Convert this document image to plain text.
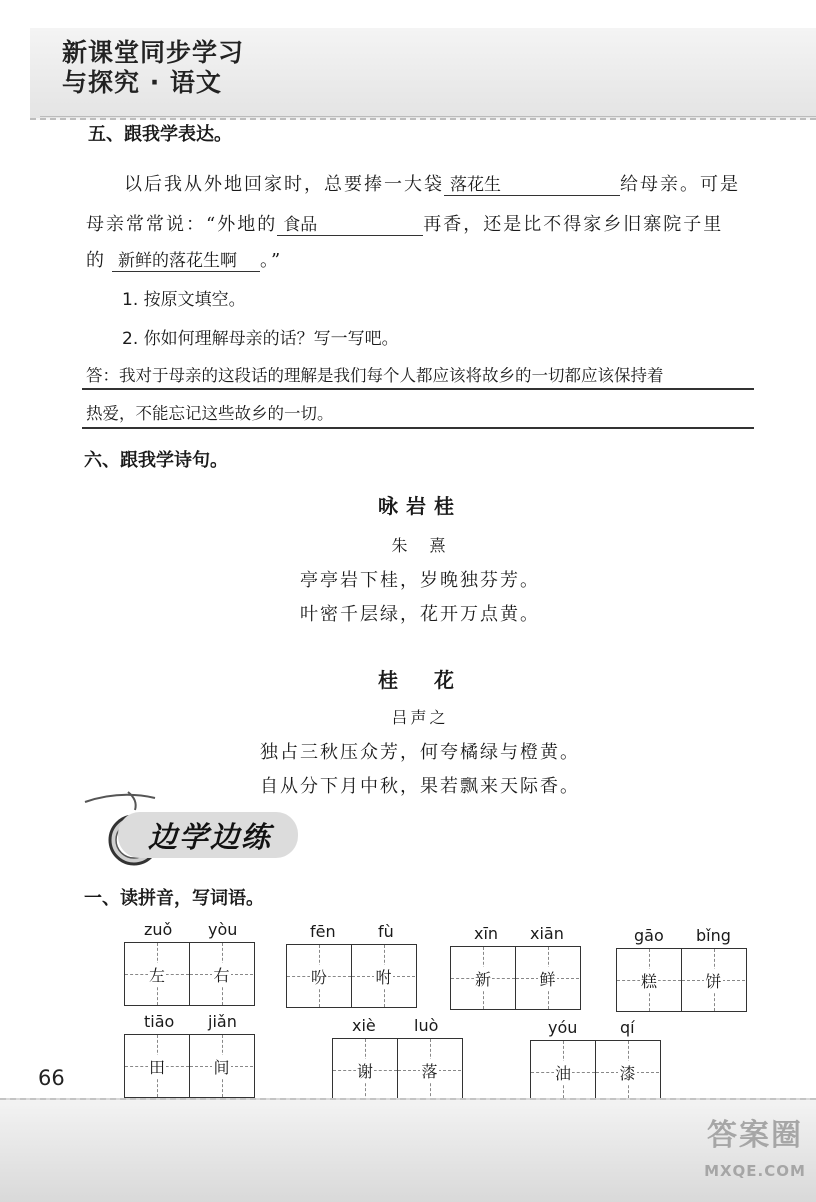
新课堂同步学习
与探究 · 语文
五、跟我学表达。
以后我从外地回家时，总要捧一大袋 落花生	给母亲。可是
母亲常常说：“外地的 食品	再香，还是比不得家乡旧寨院子里
的 新鲜的落花生啊 。”
1. 按原文填空。
2. 你如何理解母亲的话？写一写吧。
答：我对于母亲的这段话的理解是我们每个人都应该将故乡的一切都应该保持着
热爱，不能忘记这些故乡的一切。
六、跟我学诗句。
咏岩桂
朱　熹
亭亭岩下桂，岁晚独芬芳。
叶密千层绿，花开万点黄。
桂　花
吕声之
独占三秋压众芳，何夸橘绿与橙黄。
自从分下月中秋，果若飘来天际香。
边学边练
一、读拼音，写词语。
zuǒ yòu
左	右
fēn	fù
吩	咐
xīn xiān
新	鲜
gāo bǐng
糕	饼
tiāo jiǎn
田	间
xiè luò
谢	落
yóu	qí
油	漆
66
答案圈
MXQE.COM
